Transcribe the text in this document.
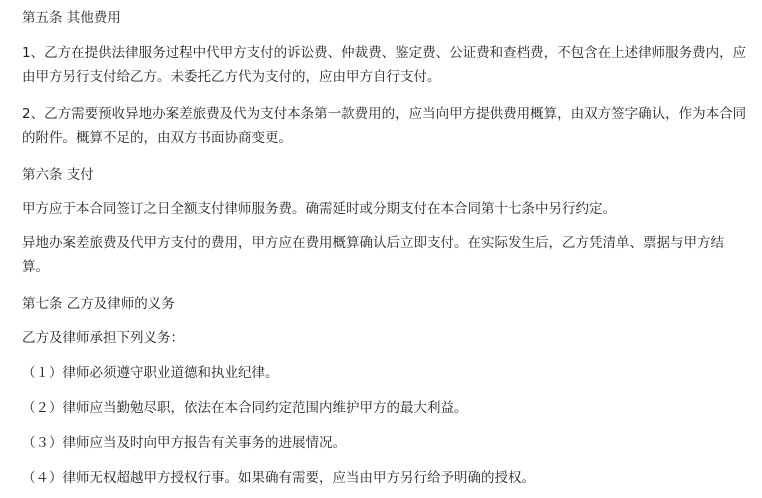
第五条 其他费用
1、乙方在提供法律服务过程中代甲方支付的诉讼费、仲裁费、鉴定费、公证费和查档费，不包含在上述律师服务费内，应由甲方另行支付给乙方。未委托乙方代为支付的，应由甲方自行支付。
2、乙方需要预收异地办案差旅费及代为支付本条第一款费用的，应当向甲方提供费用概算，由双方签字确认，作为本合同的附件。概算不足的，由双方书面协商变更。
第六条 支付
甲方应于本合同签订之日全额支付律师服务费。确需延时或分期支付在本合同第十七条中另行约定。
异地办案差旅费及代甲方支付的费用，甲方应在费用概算确认后立即支付。在实际发生后，乙方凭清单、票据与甲方结算。
第七条 乙方及律师的义务
乙方及律师承担下列义务：
（１）律师必须遵守职业道德和执业纪律。
（２）律师应当勤勉尽职，依法在本合同约定范围内维护甲方的最大利益。
（３）律师应当及时向甲方报告有关事务的进展情况。
（４）律师无权超越甲方授权行事。如果确有需要，应当由甲方另行给予明确的授权。
